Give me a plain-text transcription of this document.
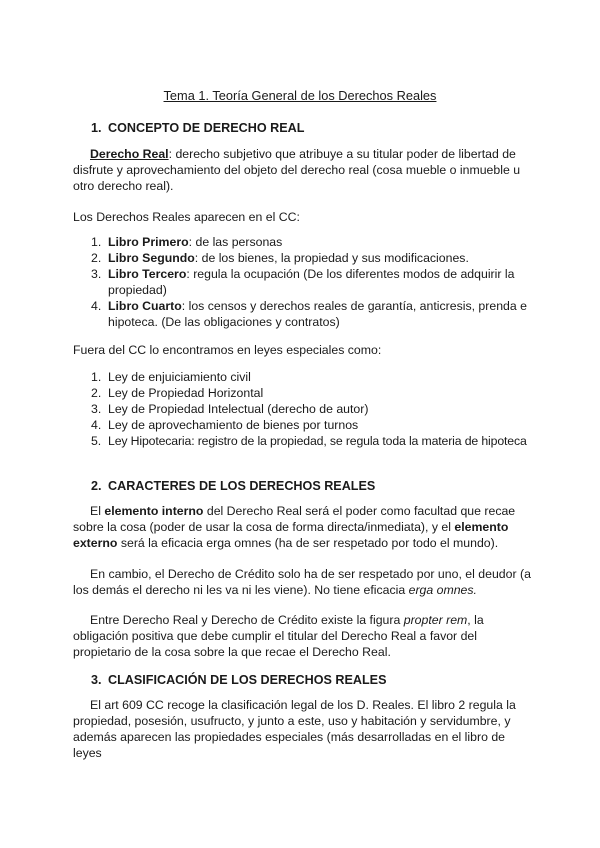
Tema 1. Teoría General de los Derechos Reales
1. CONCEPTO DE DERECHO REAL
Derecho Real: derecho subjetivo que atribuye a su titular poder de libertad de disfrute y aprovechamiento del objeto del derecho real (cosa mueble o inmueble u otro derecho real).
Los Derechos Reales aparecen en el CC:
1. Libro Primero: de las personas
2. Libro Segundo: de los bienes, la propiedad y sus modificaciones.
3. Libro Tercero: regula la ocupación (De los diferentes modos de adquirir la propiedad)
4. Libro Cuarto: los censos y derechos reales de garantía, anticresis, prenda e hipoteca. (De las obligaciones y contratos)
Fuera del CC lo encontramos en leyes especiales como:
1. Ley de enjuiciamiento civil
2. Ley de Propiedad Horizontal
3. Ley de Propiedad Intelectual (derecho de autor)
4. Ley de aprovechamiento de bienes por turnos
5. Ley Hipotecaria: registro de la propiedad, se regula toda la materia de hipoteca
2. CARACTERES DE LOS DERECHOS REALES
El elemento interno del Derecho Real será el poder como facultad que recae sobre la cosa (poder de usar la cosa de forma directa/inmediata), y el elemento externo será la eficacia erga omnes (ha de ser respetado por todo el mundo).
En cambio, el Derecho de Crédito solo ha de ser respetado por uno, el deudor (a los demás el derecho ni les va ni les viene). No tiene eficacia erga omnes.
Entre Derecho Real y Derecho de Crédito existe la figura propter rem, la obligación positiva que debe cumplir el titular del Derecho Real a favor del propietario de la cosa sobre la que recae el Derecho Real.
3. CLASIFICACIÓN DE LOS DERECHOS REALES
El art 609 CC recoge la clasificación legal de los D. Reales. El libro 2 regula la propiedad, posesión, usufructo, y junto a este, uso y habitación y servidumbre, y además aparecen las propiedades especiales (más desarrolladas en el libro de leyes
